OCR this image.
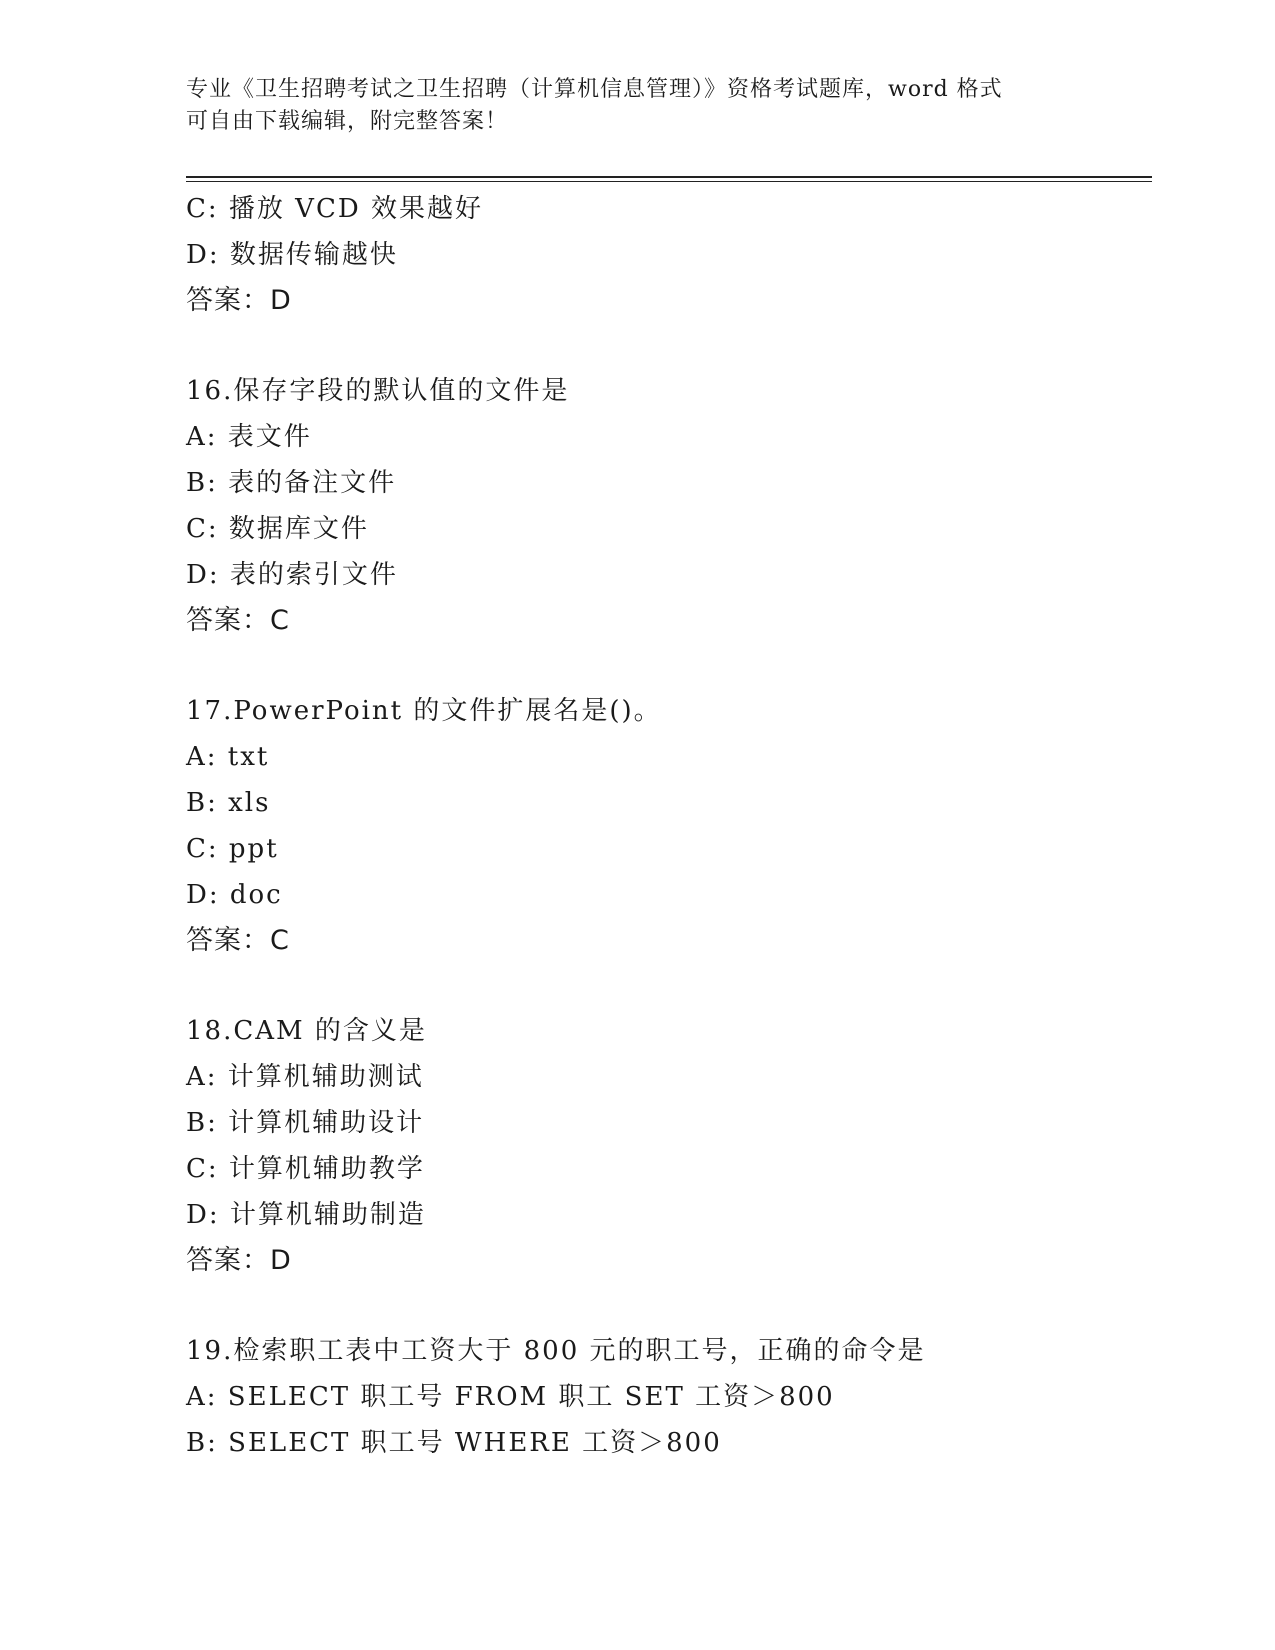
专业《卫生招聘考试之卫生招聘（计算机信息管理）》资格考试题库，word 格式
可自由下载编辑，附完整答案！
C: 播放 VCD 效果越好
D: 数据传输越快
答案：D
16.保存字段的默认值的文件是
A: 表文件
B: 表的备注文件
C: 数据库文件
D: 表的索引文件
答案：C
17.PowerPoint 的文件扩展名是()。
A: txt
B: xls
C: ppt
D: doc
答案：C
18.CAM 的含义是
A: 计算机辅助测试
B: 计算机辅助设计
C: 计算机辅助教学
D: 计算机辅助制造
答案：D
19.检索职工表中工资大于 800 元的职工号，正确的命令是
A: SELECT 职工号 FROM 职工 SET 工资＞800
B: SELECT 职工号 WHERE 工资＞800
